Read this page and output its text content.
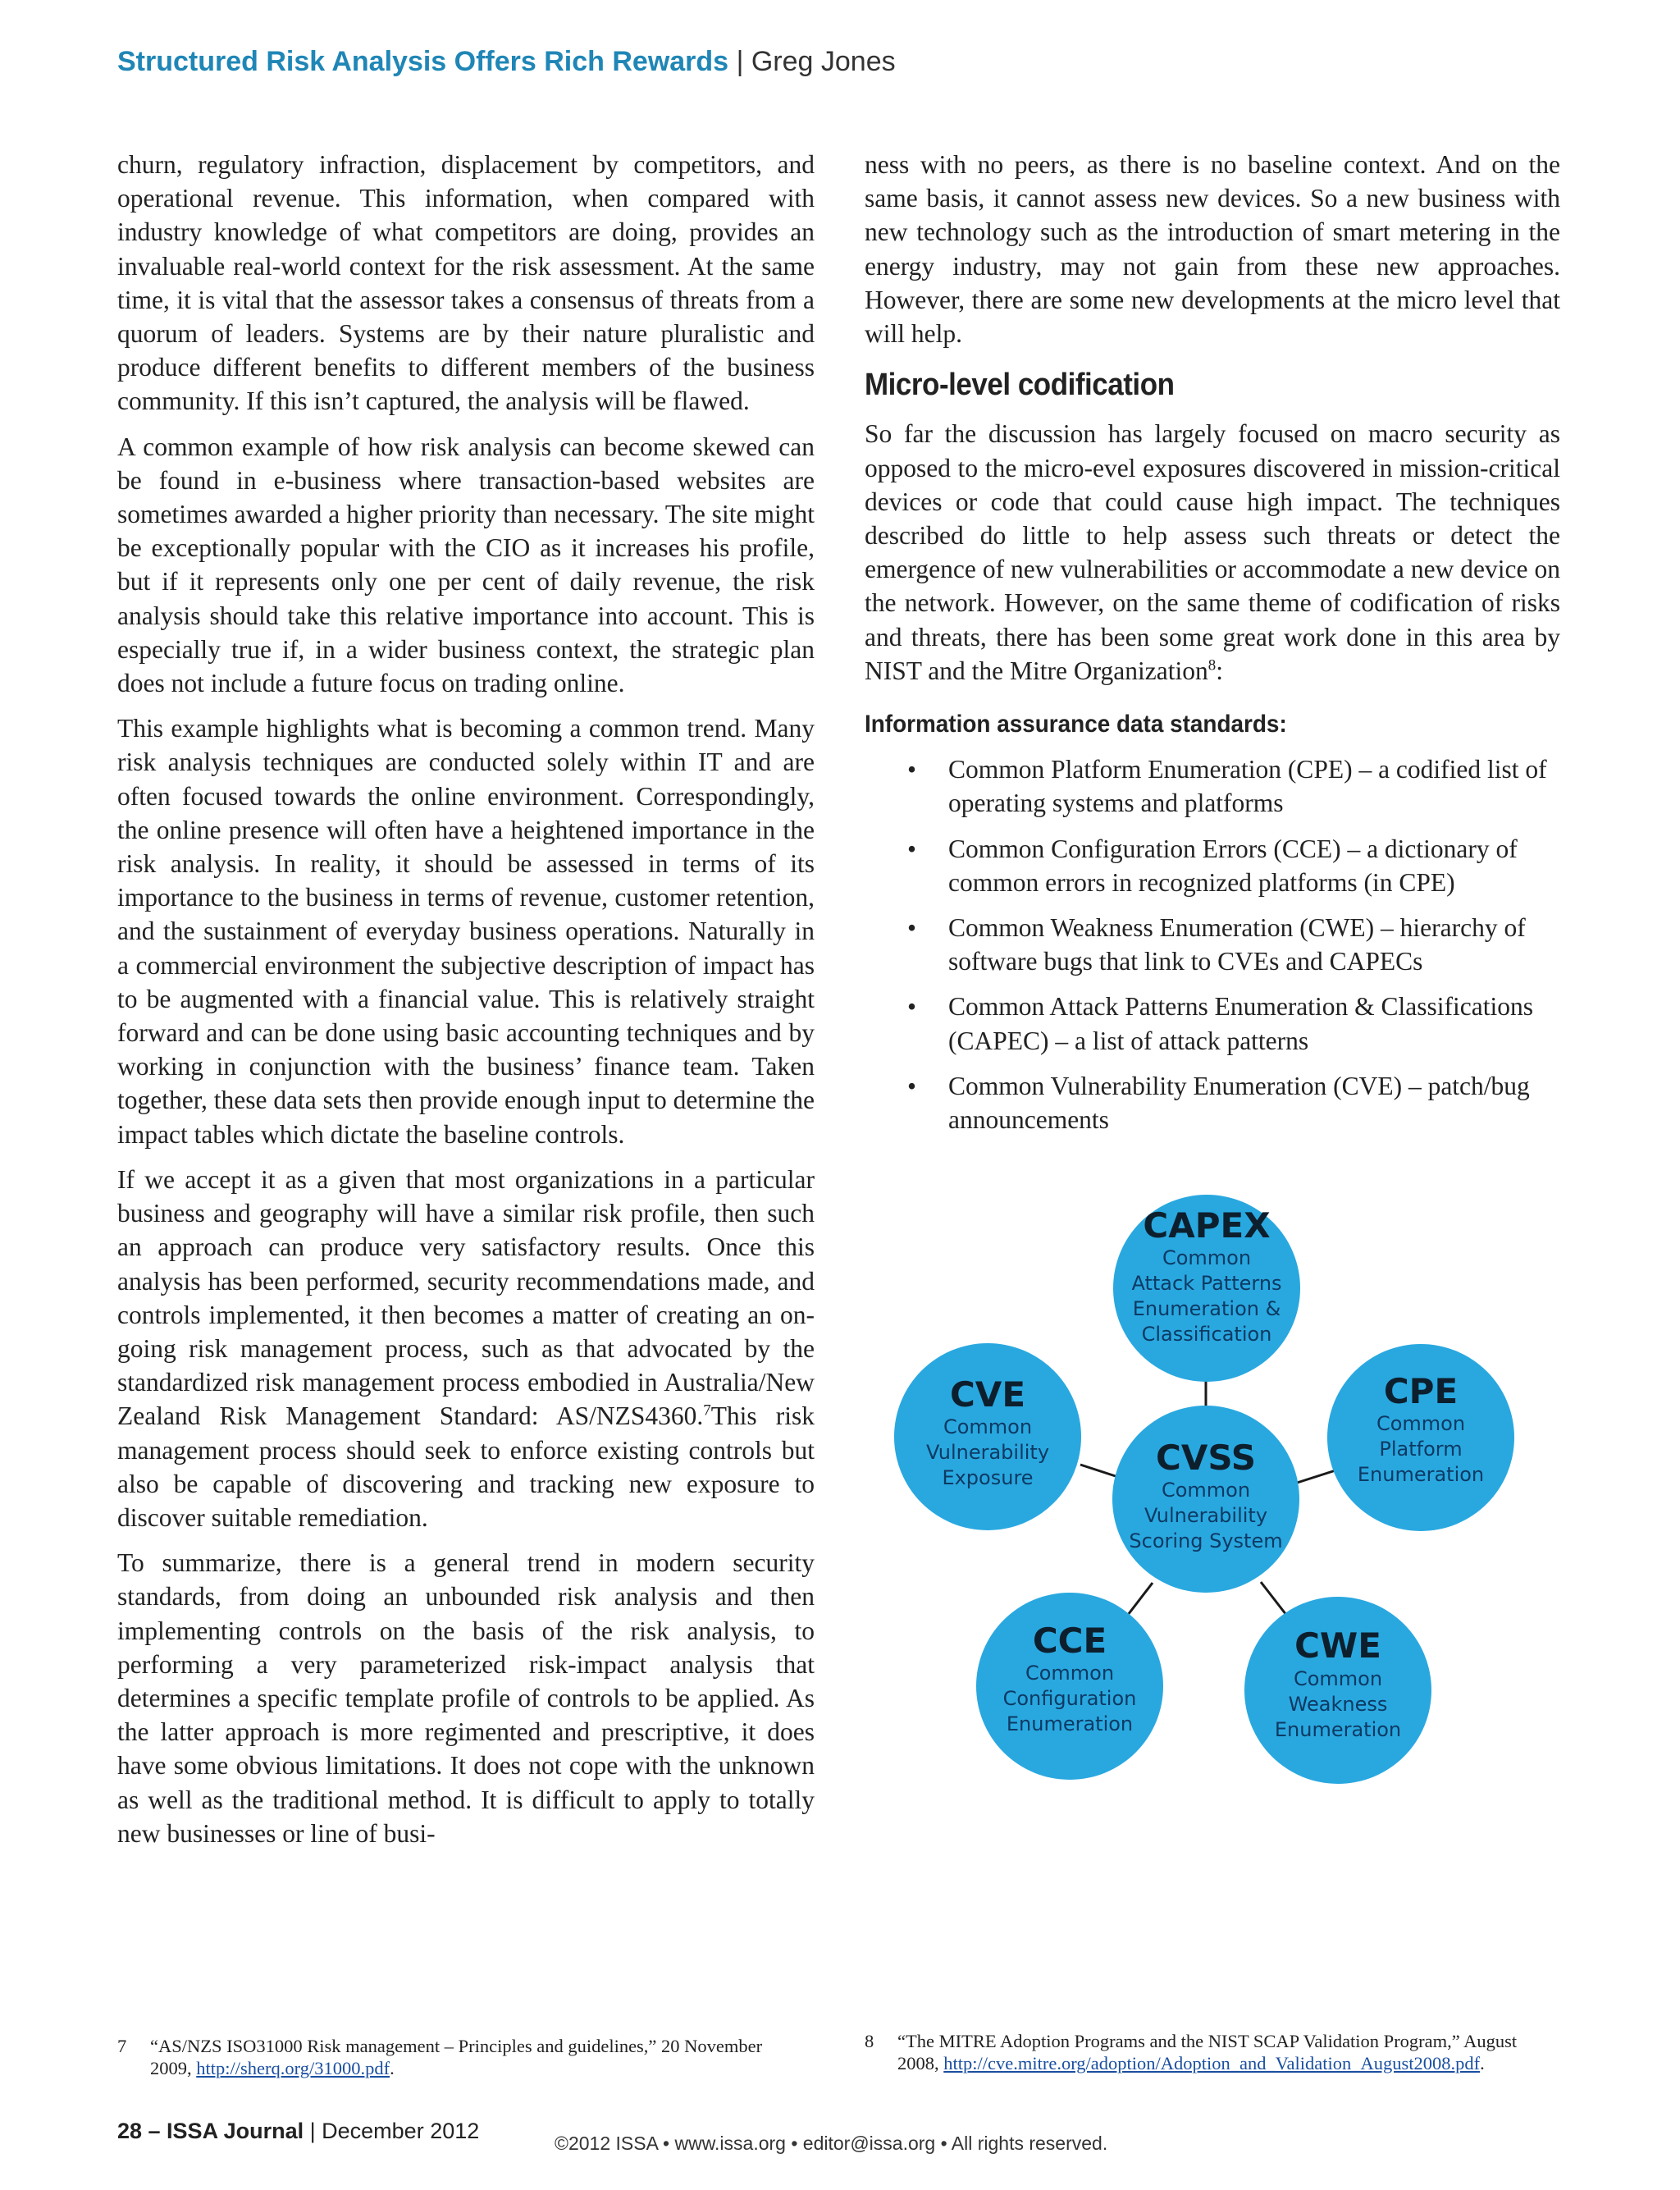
Structured Risk Analysis Offers Rich Rewards | Greg Jones

churn, regulatory infraction, displacement by competitors, and operational revenue. This information, when compared with industry knowledge of what competitors are doing, provides an invaluable real-world context for the risk assessment. At the same time, it is vital that the assessor takes a consensus of threats from a quorum of leaders. Systems are by their nature pluralistic and produce different benefits to different members of the business community. If this isn’t captured, the analysis will be flawed.

A common example of how risk analysis can become skewed can be found in e-business where transaction-based websites are sometimes awarded a higher priority than necessary. The site might be exceptionally popular with the CIO as it increases his profile, but if it represents only one per cent of daily revenue, the risk analysis should take this relative importance into account. This is especially true if, in a wider business context, the strategic plan does not include a future focus on trading online.

This example highlights what is becoming a common trend. Many risk analysis techniques are conducted solely within IT and are often focused towards the online environment. Correspondingly, the online presence will often have a heightened importance in the risk analysis. In reality, it should be assessed in terms of its importance to the business in terms of revenue, customer retention, and the sustainment of everyday business operations. Naturally in a commercial environment the subjective description of impact has to be augmented with a financial value. This is relatively straight forward and can be done using basic accounting techniques and by working in conjunction with the business’ finance team. Taken together, these data sets then provide enough input to determine the impact tables which dictate the baseline controls.

If we accept it as a given that most organizations in a particular business and geography will have a similar risk profile, then such an approach can produce very satisfactory results. Once this analysis has been performed, security recommendations made, and controls implemented, it then becomes a matter of creating an on-going risk management process, such as that advocated by the standardized risk management process embodied in Australia/New Zealand Risk Management Standard: AS/NZS4360.$^7$This risk management process should seek to enforce existing controls but also be capable of discovering and tracking new exposure to discover suitable remediation.

To summarize, there is a general trend in modern security standards, from doing an unbounded risk analysis and then implementing controls on the basis of the risk analysis, to performing a very parameterized risk-impact analysis that determines a specific template profile of controls to be applied. As the latter approach is more regimented and prescriptive, it does have some obvious limitations. It does not cope with the unknown as well as the traditional method. It is difficult to apply to totally new businesses or line of busi-

ness with no peers, as there is no baseline context. And on the same basis, it cannot assess new devices. So a new business with new technology such as the introduction of smart metering in the energy industry, may not gain from these new approaches. However, there are some new developments at the micro level that will help.

Micro-level codification

So far the discussion has largely focused on macro security as opposed to the micro-evel exposures discovered in mission-critical devices or code that could cause high impact. The techniques described do little to help assess such threats or detect the emergence of new vulnerabilities or accommodate a new device on the network. However, on the same theme of codification of risks and threats, there has been some great work done in this area by NIST and the Mitre Organization$^8$:

Information assurance data standards:
• Common Platform Enumeration (CPE) – a codified list of operating systems and platforms
• Common Configuration Errors (CCE) – a dictionary of common errors in recognized platforms (in CPE)
• Common Weakness Enumeration (CWE) – hierarchy of software bugs that link to CVEs and CAPECs
• Common Attack Patterns Enumeration & Classifications (CAPEC) – a list of attack patterns
• Common Vulnerability Enumeration (CVE) – patch/bug announcements
CAPEX
Common
Attack Patterns
Enumeration &
Classification
CVE
Common
Vulnerability
Exposure
CPE
Common
Platform
Enumeration
CVSS
Common
Vulnerability
Scoring System
CCE
Common
Configuration
Enumeration
CWE
Common
Weakness
Enumeration
7 “AS/NZS ISO31000 Risk management – Principles and guidelines,” 20 November
2009, http://sherq.org/31000.pdf.
8 “The MITRE Adoption Programs and the NIST SCAP Validation Program,” August
2008, http://cve.mitre.org/adoption/Adoption_and_Validation_August2008.pdf.
28 – ISSA Journal | December 2012	©2012 ISSA • www.issa.org • editor@issa.org • All rights reserved.
